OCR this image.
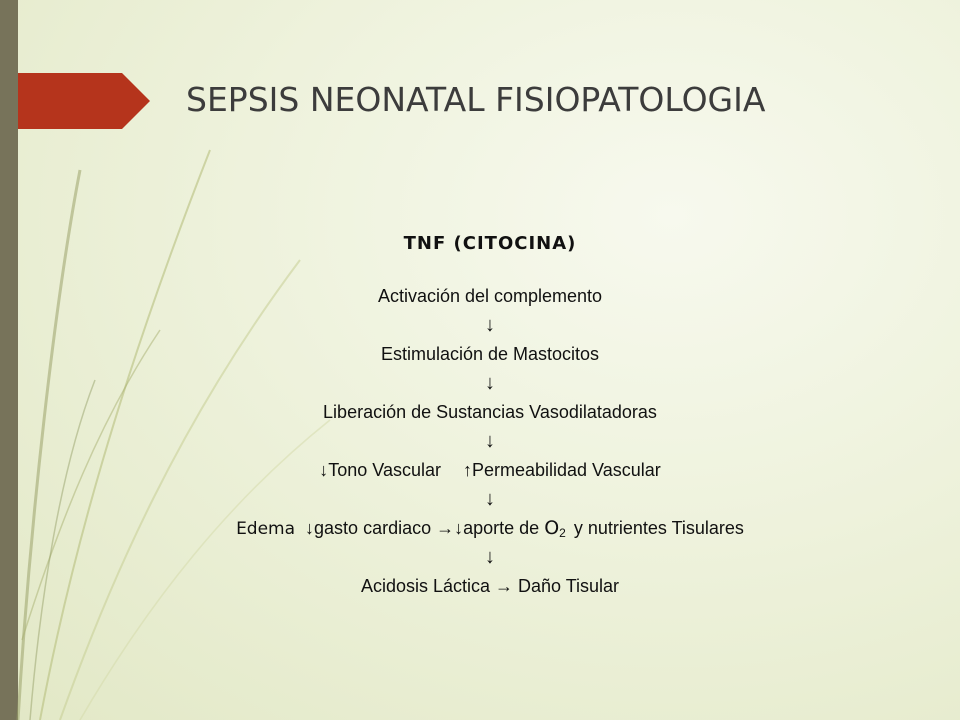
SEPSIS NEONATAL FISIOPATOLOGIA
TNF (CITOCINA)
Activación del complemento
↓
Estimulación de Mastocitos
↓
Liberación de Sustancias Vasodilatadoras
↓
↓Tono Vascular ↑Permeabilidad Vascular
↓
Edema ↓gasto cardiaco →↓aporte de $O_2$ y nutrientes Tisulares
↓
Acidosis Láctica → Daño Tisular
